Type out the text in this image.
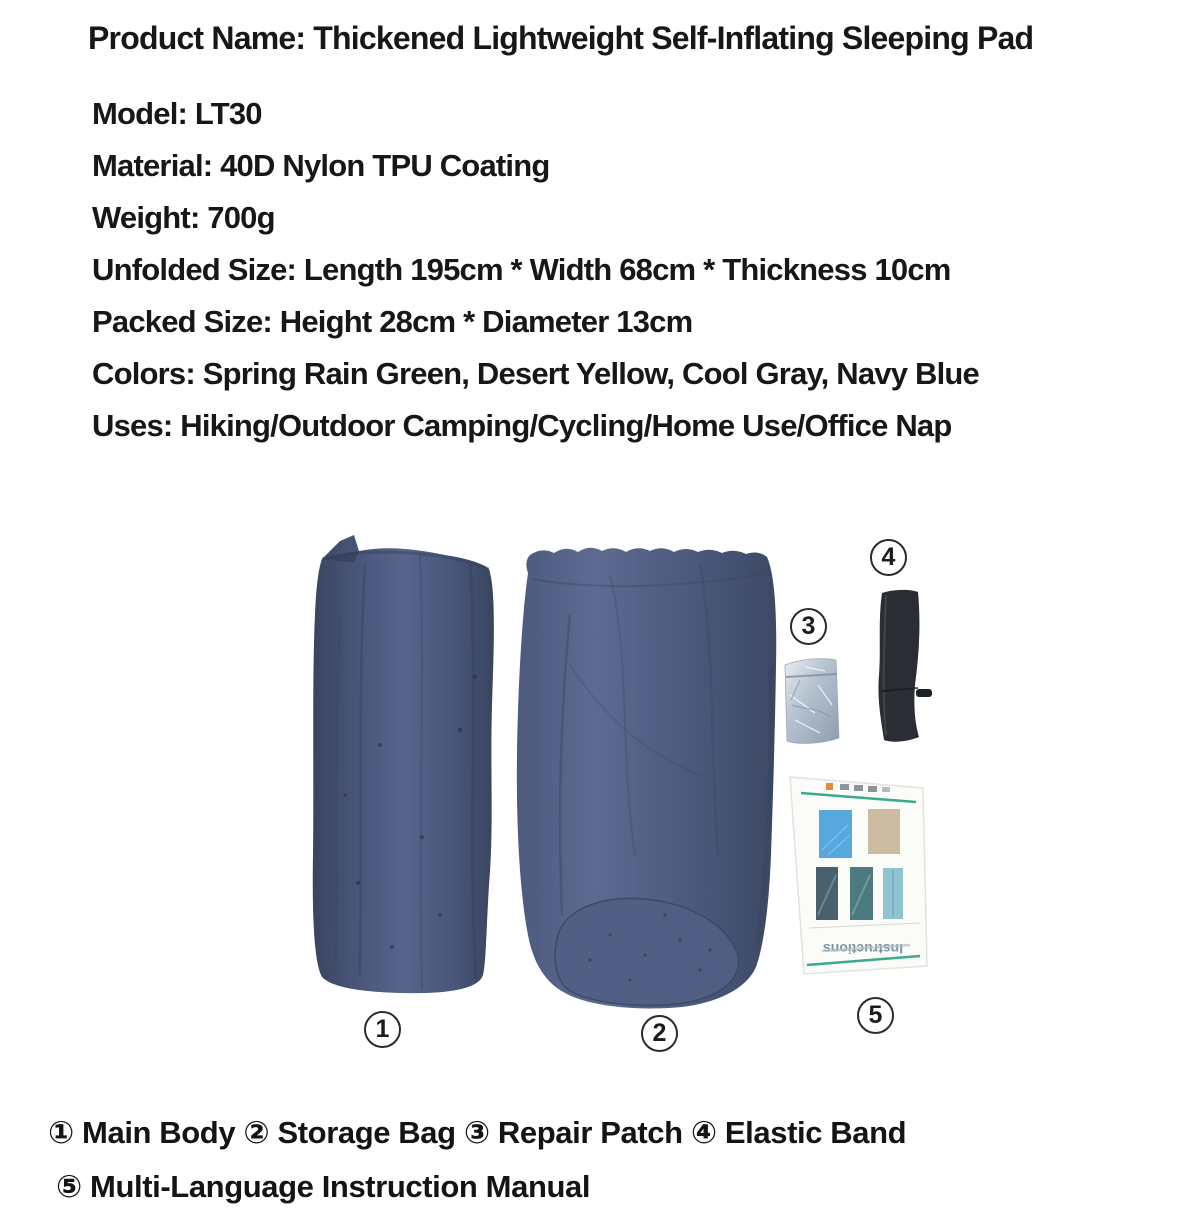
Product Name: Thickened Lightweight Self-Inflating Sleeping Pad
Model: LT30
Material: 40D Nylon TPU Coating
Weight: 700g
Unfolded Size: Length 195cm * Width 68cm * Thickness 10cm
Packed Size: Height 28cm * Diameter 13cm
Colors: Spring Rain Green, Desert Yellow, Cool Gray, Navy Blue
Uses: Hiking/Outdoor Camping/Cycling/Home Use/Office Nap
Instructions
1	2
3
4
5
① Main Body ② Storage Bag ③ Repair Patch ④ Elastic Band
⑤ Multi-Language Instruction Manual
